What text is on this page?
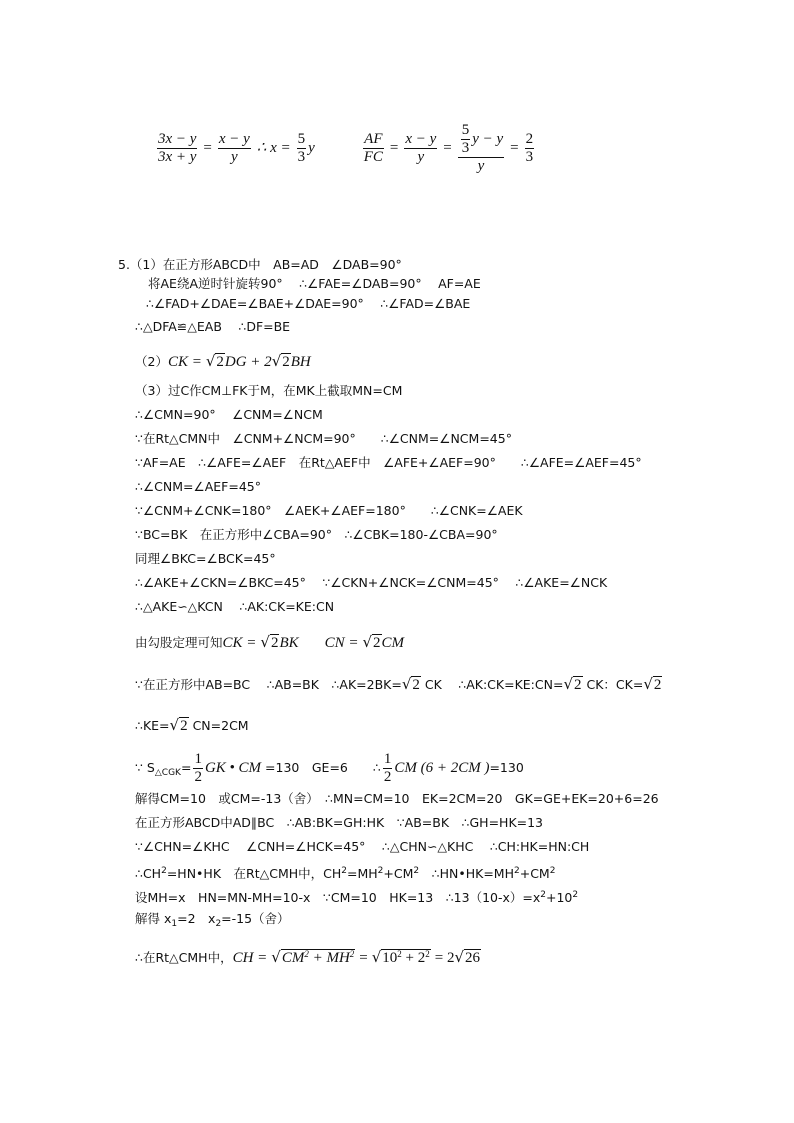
$\frac{3x - y}{3x + y} = \frac{x - y}{y}$ ∴ $x = \frac{5}{3}$ y	$\frac{AF}{FC} = \frac{x - y}{y} = \frac{\frac{5}{3} y - y}{y} = \frac{2}{3}$
5.（1）在正方形ABCD中　AB=AD　∠DAB=90°
将AE绕A逆时针旋转90°　 ∴∠FAE=∠DAB=90°　 AF=AE
∴∠FAD+∠DAE=∠BAE+∠DAE=90°　 ∴∠FAD=∠BAE
∴△DFA≌△EAB　 ∴DF=BE
（2）CK = √2DG + 2√2BH
（3）过C作CM⊥FK于M，在MK上截取MN=CM
∴∠CMN=90°　 ∠CNM=∠NCM
∵在Rt△CMN中　∠CNM+∠NCM=90°　　∴∠CNM=∠NCM=45°
∵AF=AE　∴∠AFE=∠AEF　在Rt△AEF中　∠AFE+∠AEF=90°　　∴∠AFE=∠AEF=45°
∴∠CNM=∠AEF=45°
∵∠CNM+∠CNK=180°　∠AEK+∠AEF=180°　　∴∠CNK=∠AEK
∵BC=BK　在正方形中∠CBA=90°　∴∠CBK=180-∠CBA=90°
同理∠BKC=∠BCK=45°
∴∠AKE+∠CKN=∠BKC=45°　 ∵∠CKN+∠NCK=∠CNM=45°　 ∴∠AKE=∠NCK
∴△AKE∽△KCN　 ∴AK:CK=KE:CN
由勾股定理可知CK = √2BK CN = √2CM
∵在正方形中AB=BC　 ∴AB=BK　∴AK=2BK=√2 CK　 ∴AK:CK=KE:CN=√2 CK：CK=√2
∴KE=√2 CN=2CM
∵ $S_{\triangle CGK}= \frac{1}{2}$ GK • CM =130　GE=6　　∴ $\frac{1}{2}$ CM (6 + 2CM )=130
解得CM=10　或CM=-13（舍）　∴MN=CM=10　EK=2CM=20　GK=GE+EK=20+6=26
在正方形ABCD中AD∥BC　∴AB:BK=GH:HK　∵AB=BK　∴GH=HK=13
∵∠CHN=∠KHC　 ∠CNH=∠HCK=45°　 ∴△CHN∽△KHC　 ∴CH:HK=HN:CH
$\therefore CH^2=HN•HK$　在Rt△CMH中，$CH^2=MH^2+CM^2$　$\therefore HN•HK=MH^2+CM^2$
设MH=x　HN=MN-MH=10-x　∵CM=10　HK=13　$\therefore 13(10-x)=x^2+10^2$
解得 $x_1=2$　$x_2=-15$（舍）
∴在Rt△CMH中，CH = $√CM^2 + MH^2 = √10^2 + 2^2 = 2√26$
